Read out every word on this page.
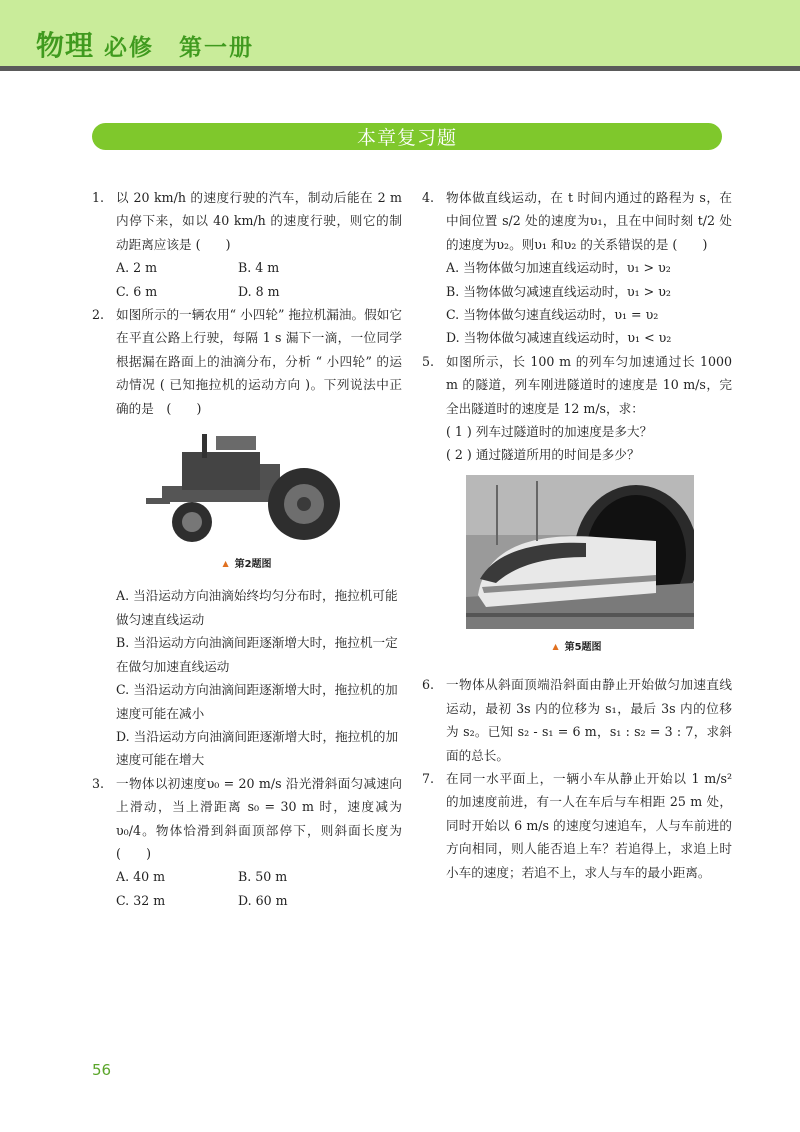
物理 必修　第一册
本章复习题
1. 以 20 km/h 的速度行驶的汽车，制动后能在 2 m 内停下来，如以 40 km/h 的速度行驶，则它的制动距离应该是 (　　)
A. 2 m	B. 4 m
C. 6 m	D. 8 m
2. 如图所示的一辆农用“ 小四轮” 拖拉机漏油。假如它在平直公路上行驶，每隔 1 s 漏下一滴，一位同学根据漏在路面上的油滴分布，分析 “ 小四轮” 的运动情况 ( 已知拖拉机的运动方向 )。下列说法中正确的是　(　　)
▲ 第2题图
A. 当沿运动方向油滴始终均匀分布时，拖拉机可能做匀速直线运动
B. 当沿运动方向油滴间距逐渐增大时，拖拉机一定在做匀加速直线运动
C. 当沿运动方向油滴间距逐渐增大时，拖拉机的加速度可能在减小
D. 当沿运动方向油滴间距逐渐增大时，拖拉机的加速度可能在增大
3. 一物体以初速度υ₀ = 20 m/s 沿光滑斜面匀减速向上滑动，当上滑距离 s₀ = 30 m 时，速度减为υ₀/4。物体恰滑到斜面顶部停下，则斜面长度为　(　　)
A. 40 m	B. 50 m
C. 32 m	D. 60 m
4. 物体做直线运动，在 t 时间内通过的路程为 s，在中间位置 s/2 处的速度为υ₁，且在中间时刻 t/2 处的速度为υ₂。则υ₁ 和υ₂ 的关系错误的是 (　　)
A. 当物体做匀加速直线运动时，υ₁ > υ₂
B. 当物体做匀减速直线运动时，υ₁ > υ₂
C. 当物体做匀速直线运动时，υ₁ = υ₂
D. 当物体做匀减速直线运动时，υ₁ < υ₂
5. 如图所示，长 100 m 的列车匀加速通过长 1000 m 的隧道，列车刚进隧道时的速度是 10 m/s，完全出隧道时的速度是 12 m/s，求：
( 1 ) 列车过隧道时的加速度是多大？
( 2 ) 通过隧道所用的时间是多少？
▲ 第5题图
6. 一物体从斜面顶端沿斜面由静止开始做匀加速直线运动，最初 3s 内的位移为 s₁，最后 3s 内的位移为 s₂。已知 s₂ - s₁ = 6 m，s₁ : s₂ = 3 : 7，求斜面的总长。
7. 在同一水平面上，一辆小车从静止开始以 1 m/s² 的加速度前进，有一人在车后与车相距 25 m 处，同时开始以 6 m/s 的速度匀速追车，人与车前进的方向相同，则人能否追上车？若追得上，求追上时小车的速度；若追不上，求人与车的最小距离。
56
